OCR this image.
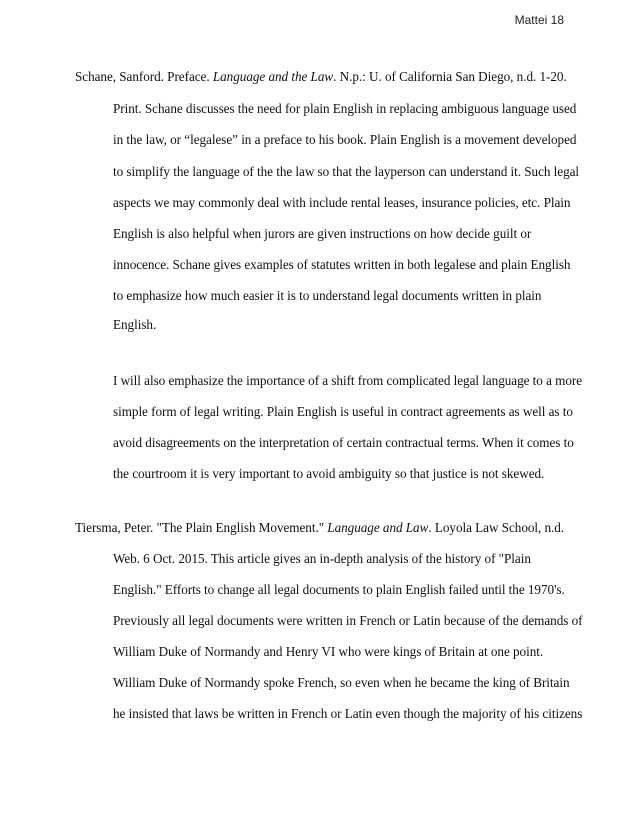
Mattei 18
Schane, Sanford. Preface. Language and the Law. N.p.: U. of California San Diego, n.d. 1-20.
Print. Schane discusses the need for plain English in replacing ambiguous language used
in the law, or “legalese” in a preface to his book. Plain English is a movement developed
to simplify the language of the the law so that the layperson can understand it. Such legal
aspects we may commonly deal with include rental leases, insurance policies, etc. Plain
English is also helpful when jurors are given instructions on how decide guilt or
innocence. Schane gives examples of statutes written in both legalese and plain English
to emphasize how much easier it is to understand legal documents written in plain
English.
I will also emphasize the importance of a shift from complicated legal language to a more
simple form of legal writing. Plain English is useful in contract agreements as well as to
avoid disagreements on the interpretation of certain contractual terms. When it comes to
the courtroom it is very important to avoid ambiguity so that justice is not skewed.
Tiersma, Peter. "The Plain English Movement." Language and Law. Loyola Law School, n.d.
Web. 6 Oct. 2015. This article gives an in-depth analysis of the history of "Plain
English." Efforts to change all legal documents to plain English failed until the 1970's.
Previously all legal documents were written in French or Latin because of the demands of
William Duke of Normandy and Henry VI who were kings of Britain at one point.
William Duke of Normandy spoke French, so even when he became the king of Britain
he insisted that laws be written in French or Latin even though the majority of his citizens
